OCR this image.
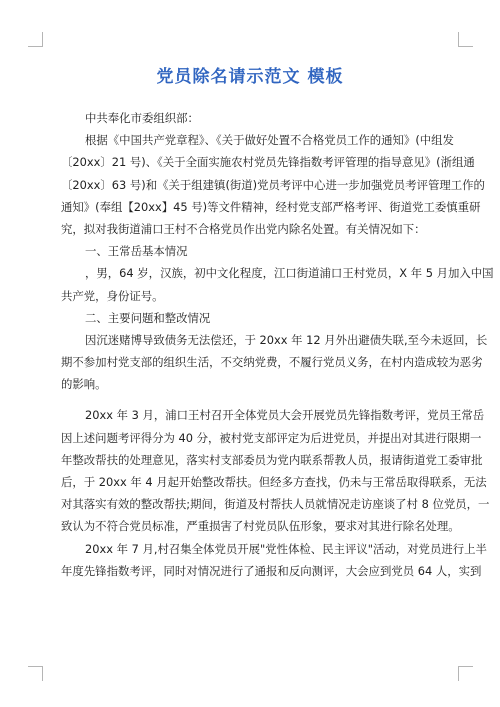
党员除名请示范文 模板
中共奉化市委组织部：
根据《中国共产党章程》、《关于做好处置不合格党员工作的通知》(中组发
〔20xx〕21 号)、《关于全面实施农村党员先锋指数考评管理的指导意见》(浙组通
〔20xx〕63 号)和《关于组建镇(街道)党员考评中心进一步加强党员考评管理工作的
通知》(奉组【20xx】45 号)等文件精神，经村党支部严格考评、街道党工委慎重研
究，拟对我街道浦口王村不合格党员作出党内除名处置。有关情况如下：
一、王常岳基本情况
，男，64 岁，汉族，初中文化程度，江口街道浦口王村党员，X 年 5 月加入中国
共产党，身份证号。
二、主要问题和整改情况
因沉迷赌博导致债务无法偿还，于 20xx 年 12 月外出避债失联,至今未返回，长
期不参加村党支部的组织生活，不交纳党费，不履行党员义务，在村内造成较为恶劣
的影响。
20xx 年 3 月，浦口王村召开全体党员大会开展党员先锋指数考评，党员王常岳
因上述问题考评得分为 40 分，被村党支部评定为后进党员，并提出对其进行限期一
年整改帮扶的处理意见，落实村支部委员为党内联系帮教人员，报请街道党工委审批
后，于 20xx 年 4 月起开始整改帮扶。但经多方查找，仍未与王常岳取得联系，无法
对其落实有效的整改帮扶;期间，街道及村帮扶人员就情况走访座谈了村 8 位党员，一
致认为不符合党员标准，严重损害了村党员队伍形象，要求对其进行除名处理。
20xx 年 7 月,村召集全体党员开展"党性体检、民主评议"活动，对党员进行上半
年度先锋指数考评，同时对情况进行了通报和反向测评，大会应到党员 64 人，实到
